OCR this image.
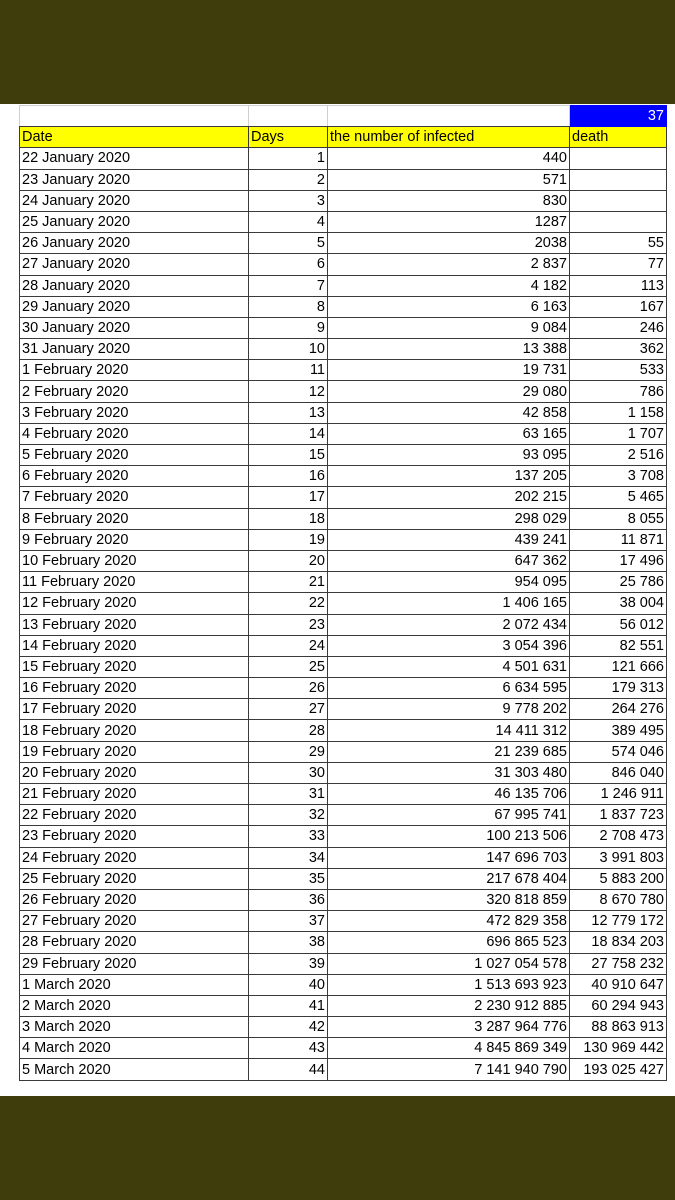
			37
Date	Days	the number of infected	death
22 January 2020	1	440	
23 January 2020	2	571	
24 January 2020	3	830	
25 January 2020	4	1287	
26 January 2020	5	2038	55
27 January 2020	6	2 837	77
28 January 2020	7	4 182	113
29 January 2020	8	6 163	167
30 January 2020	9	9 084	246
31 January 2020	10	13 388	362
1 February 2020	11	19 731	533
2 February 2020	12	29 080	786
3 February 2020	13	42 858	1 158
4 February 2020	14	63 165	1 707
5 February 2020	15	93 095	2 516
6 February 2020	16	137 205	3 708
7 February 2020	17	202 215	5 465
8 February 2020	18	298 029	8 055
9 February 2020	19	439 241	11 871
10 February 2020	20	647 362	17 496
11 February 2020	21	954 095	25 786
12 February 2020	22	1 406 165	38 004
13 February 2020	23	2 072 434	56 012
14 February 2020	24	3 054 396	82 551
15 February 2020	25	4 501 631	121 666
16 February 2020	26	6 634 595	179 313
17 February 2020	27	9 778 202	264 276
18 February 2020	28	14 411 312	389 495
19 February 2020	29	21 239 685	574 046
20 February 2020	30	31 303 480	846 040
21 February 2020	31	46 135 706	1 246 911
22 February 2020	32	67 995 741	1 837 723
23 February 2020	33	100 213 506	2 708 473
24 February 2020	34	147 696 703	3 991 803
25 February 2020	35	217 678 404	5 883 200
26 February 2020	36	320 818 859	8 670 780
27 February 2020	37	472 829 358	12 779 172
28 February 2020	38	696 865 523	18 834 203
29 February 2020	39	1 027 054 578	27 758 232
1 March 2020	40	1 513 693 923	40 910 647
2 March 2020	41	2 230 912 885	60 294 943
3 March 2020	42	3 287 964 776	88 863 913
4 March 2020	43	4 845 869 349	130 969 442
5 March 2020	44	7 141 940 790	193 025 427
